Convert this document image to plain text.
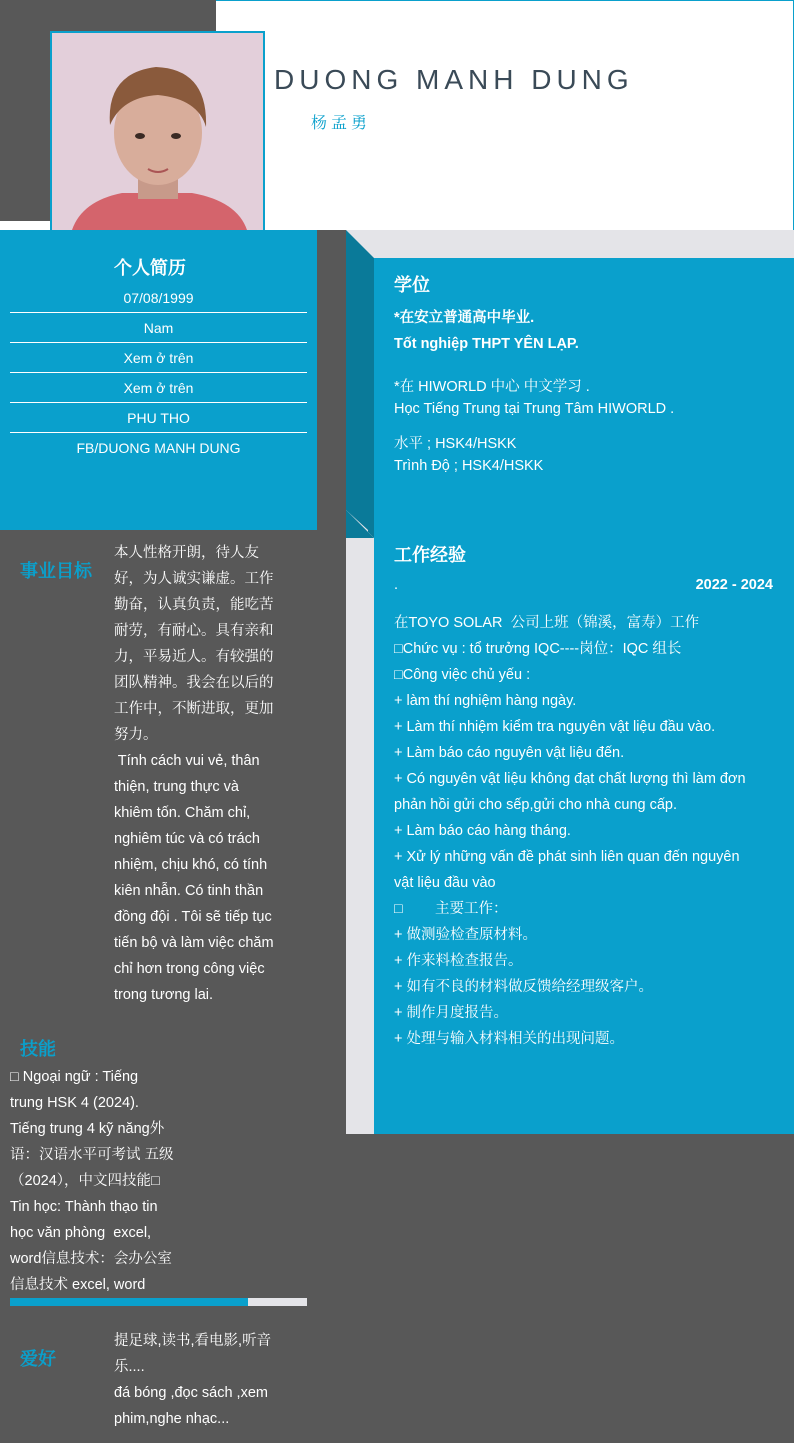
DUONG MANH DUNG
杨孟勇
个人简历
07/08/1999
Nam
Xem ở trên
Xem ở trên
PHU THO
FB/DUONG MANH DUNG
事业目标
本人性格开朗，待人友
好，为人诚实谦虚。工作
勤奋，认真负责，能吃苦
耐劳，有耐心。具有亲和
力，平易近人。有较强的
团队精神。我会在以后的
工作中，不断进取，更加
努力。
Tính cách vui vẻ, thân
thiện, trung thực và
khiêm tốn. Chăm chỉ,
nghiêm túc và có trách
nhiệm, chịu khó, có tính
kiên nhẫn. Có tinh thần
đồng đội . Tôi sẽ tiếp tục
tiến bộ và làm việc chăm
chỉ hơn trong công việc
trong tương lai.
技能
□ Ngoại ngữ : Tiếng
trung HSK 4 (2024).
Tiếng trung 4 kỹ năng外
语：汉语水平可考试 五级
（2024），中文四技能□
Tin học: Thành thạo tin
học văn phòng  excel,
word信息技术：会办公室
信息技术 excel, word
爱好
提足球,读书,看电影,听音
乐....
đá bóng ,đọc sách ,xem
phim,nghe nhạc...
学位
*在安立普通高中毕业.
Tốt nghiệp THPT YÊN LẠP.
*在 HIWORLD 中心 中文学习 .
Học Tiếng Trung tại Trung Tâm HIWORLD .
水平 ; HSK4/HSKK
Trình Độ ; HSK4/HSKK
工作经验
.	2022 - 2024
在TOYO SOLAR  公司上班（锦溪，富寿）工作
□Chức vụ : tổ trưởng IQC----岗位：IQC 组长
□Công việc chủ yếu :
+ làm thí nghiệm hàng ngày.
+ Làm thí nhiệm kiểm tra nguyên vật liệu đầu vào.
+ Làm báo cáo nguyên vật liệu đến.
+ Có nguyên vật liệu không đạt chất lượng thì làm đơn
phản hồi gửi cho sếp,gửi cho nhà cung cấp.
+ Làm báo cáo hàng tháng.
+ Xử lý những vấn đề phát sinh liên quan đến nguyên
vật liệu đầu vào
□        主要工作：
+ 做测验检查原材料。
+ 作来料检查报告。
+ 如有不良的材料做反馈给经理级客户。
+ 制作月度报告。
+ 处理与输入材料相关的出现问题。
